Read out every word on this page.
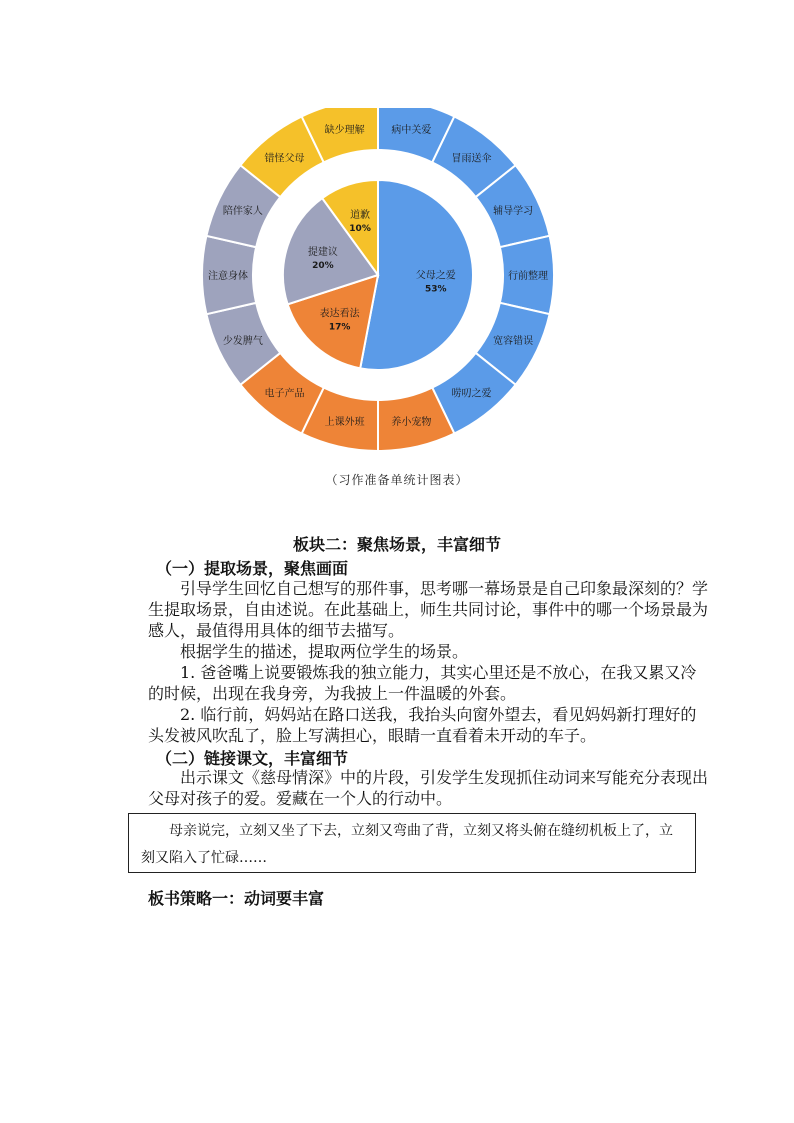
病中关爱
冒雨送伞
辅导学习
行前整理
宽容错误
唠叨之爱
养小宠物
上课外班
电子产品
少发脾气
注意身体
陪伴家人
错怪父母
缺少理解
父母之爱
53%
表达看法
17%
提建议
20%
道歉
10%
（习作准备单统计图表）
板块二：聚焦场景，丰富细节
（一）提取场景，聚焦画面
引导学生回忆自己想写的那件事，思考哪一幕场景是自己印象最深刻的？学生提取场景，自由述说。在此基础上，师生共同讨论，事件中的哪一个场景最为感人，最值得用具体的细节去描写。
根据学生的描述，提取两位学生的场景。
1. 爸爸嘴上说要锻炼我的独立能力，其实心里还是不放心，在我又累又冷的时候，出现在我身旁，为我披上一件温暖的外套。
2. 临行前，妈妈站在路口送我，我抬头向窗外望去，看见妈妈新打理好的头发被风吹乱了，脸上写满担心，眼睛一直看着未开动的车子。
（二）链接课文，丰富细节
出示课文《慈母情深》中的片段，引发学生发现抓住动词来写能充分表现出父母对孩子的爱。爱藏在一个人的行动中。
母亲说完，立刻又坐了下去，立刻又弯曲了背，立刻又将头俯在缝纫机板上了，立刻又陷入了忙碌……
板书策略一：动词要丰富
